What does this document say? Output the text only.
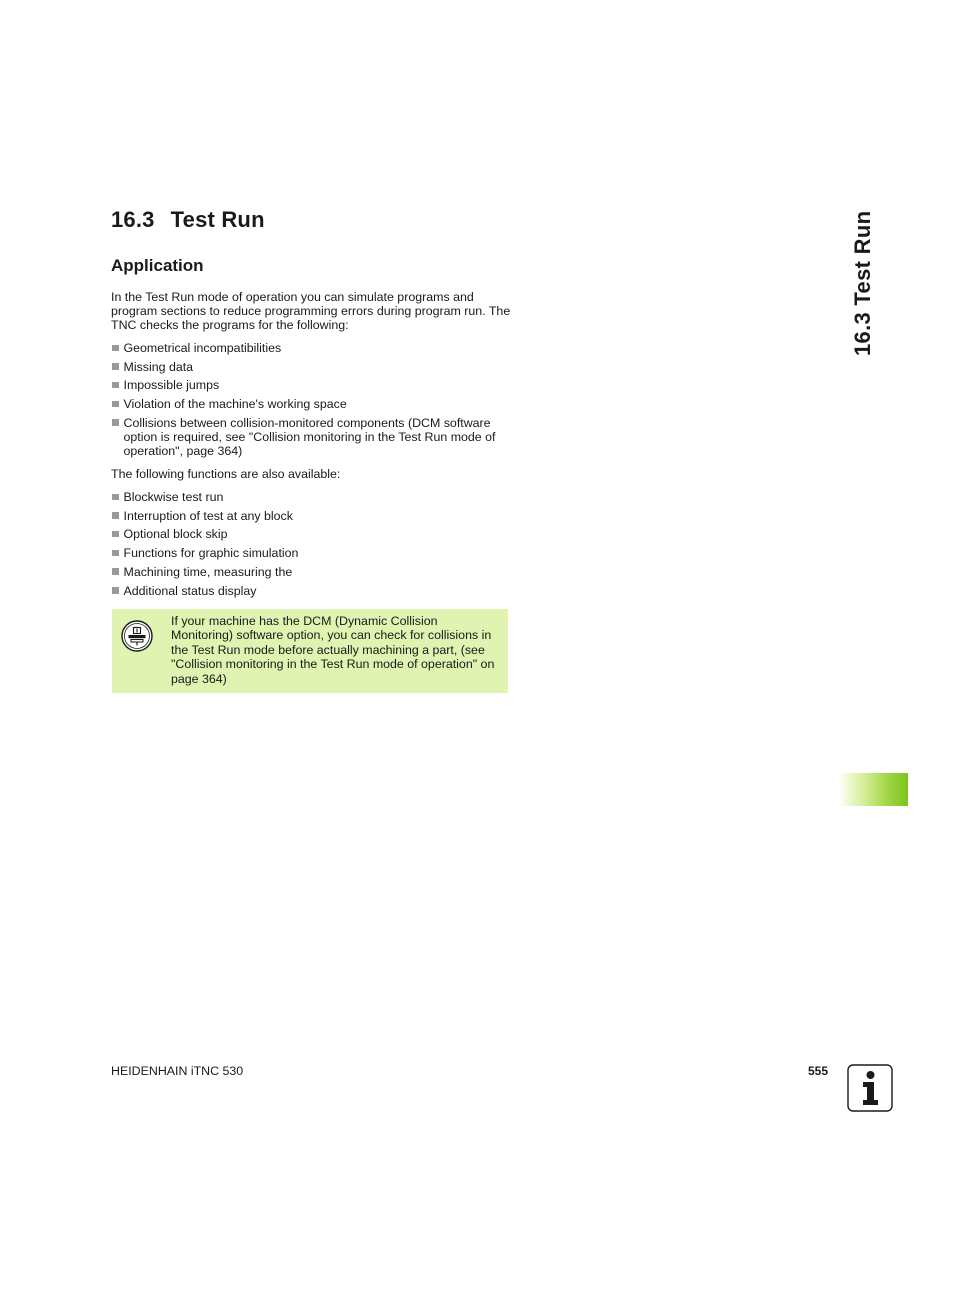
16.3 Test Run
Application

In the Test Run mode of operation you can simulate programs and program sections to reduce programming errors during program run. The TNC checks the programs for the following:

Geometrical incompatibilities
Missing data
Impossible jumps
Violation of the machine's working space
Collisions between collision-monitored components (DCM software option is required, see "Collision monitoring in the Test Run mode of operation", page 364)

The following functions are also available:

Blockwise test run
Interruption of test at any block
Optional block skip
Functions for graphic simulation
Machining time, measuring the
Additional status display

If your machine has the DCM (Dynamic Collision Monitoring) software option, you can check for collisions in the Test Run mode before actually machining a part, (see "Collision monitoring in the Test Run mode of operation" on page 364)

16.3 Test Run
HEIDENHAIN iTNC 530	555
